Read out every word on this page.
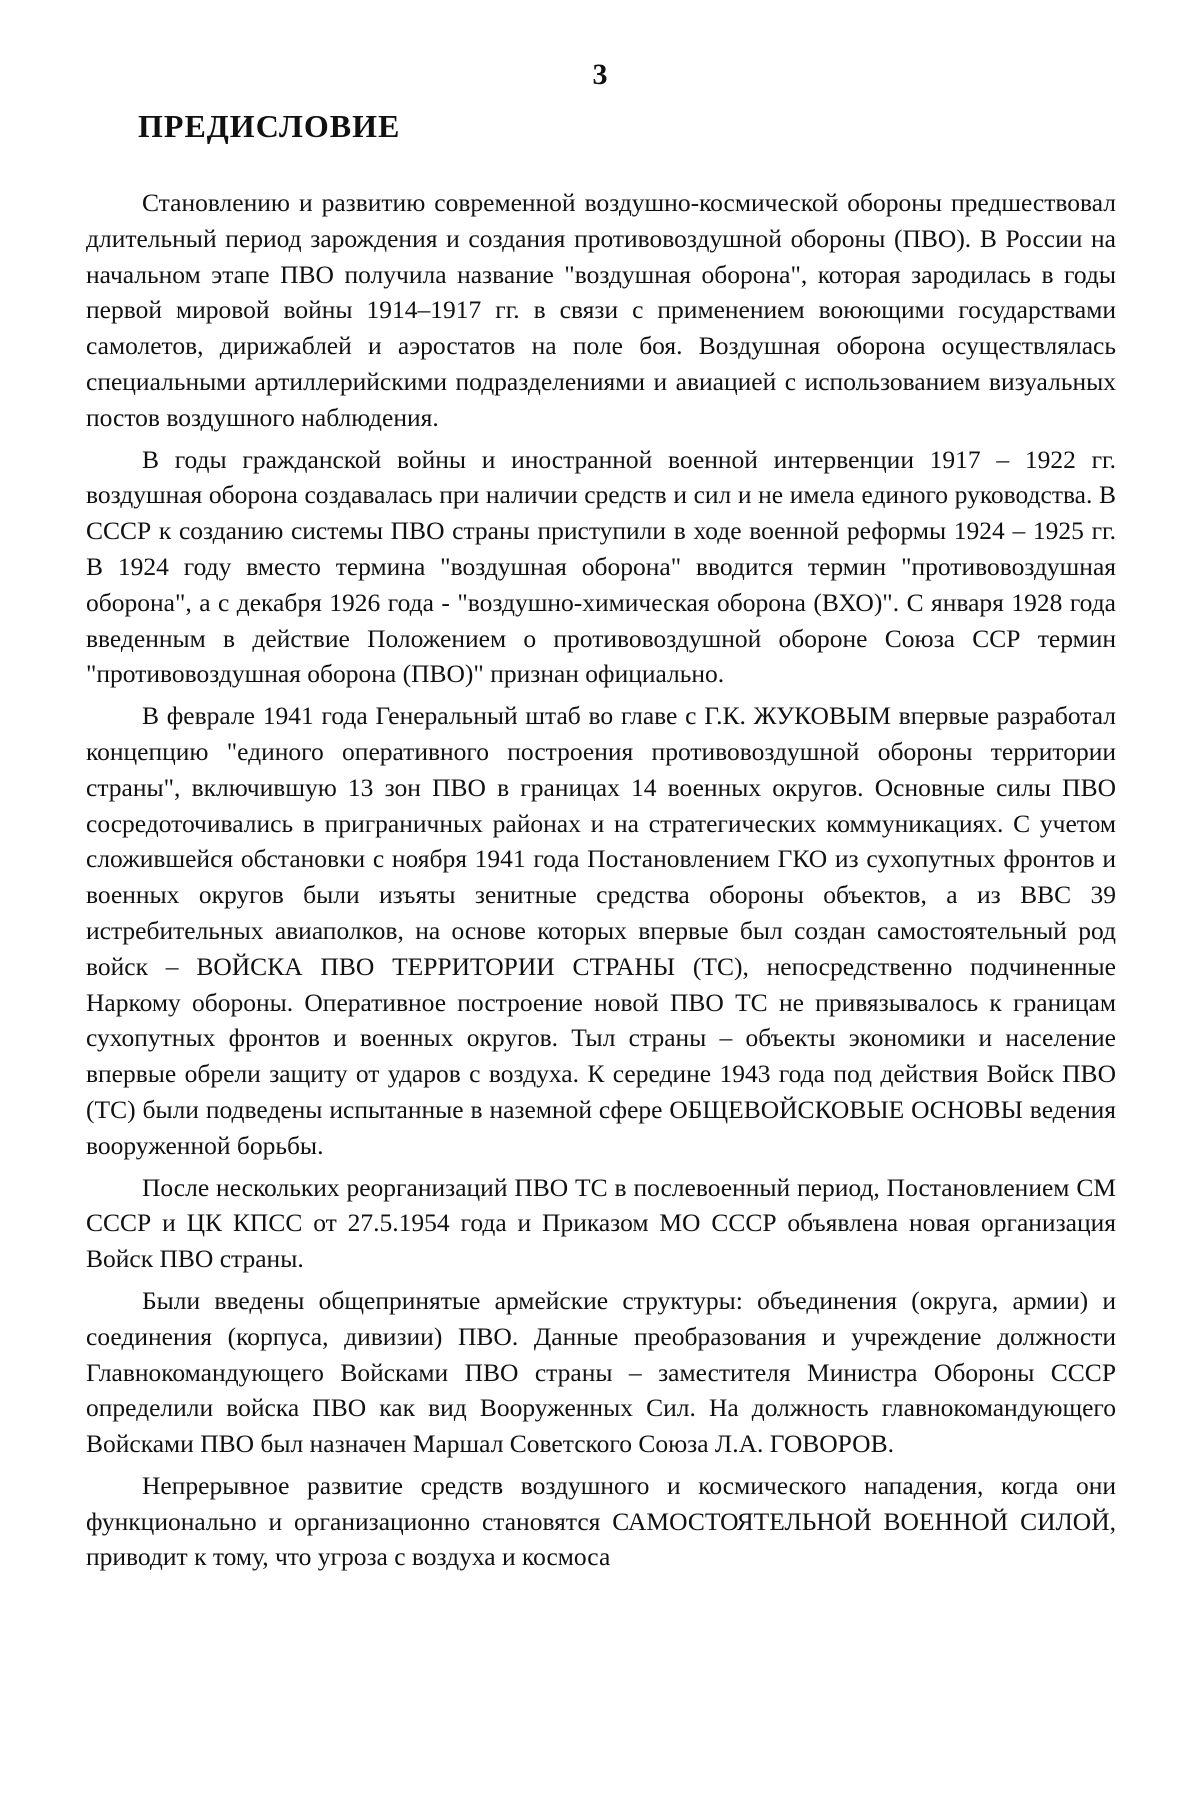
3
ПРЕДИСЛОВИЕ

Становлению и развитию современной воздушно-космической обороны предшествовал длительный период зарождения и создания противовоздушной обороны (ПВО). В России на начальном этапе ПВО получила название "воздушная оборона", которая зародилась в годы первой мировой войны 1914–1917 гг. в связи с применением воюющими государствами самолетов, дирижаблей и аэростатов на поле боя. Воздушная оборона осуществлялась специальными артиллерийскими подразделениями и авиацией с использованием визуальных постов воздушного наблюдения.

В годы гражданской войны и иностранной военной интервенции 1917 – 1922 гг. воздушная оборона создавалась при наличии средств и сил и не имела единого руководства. В СССР к созданию системы ПВО страны приступили в ходе военной реформы 1924 – 1925 гг. В 1924 году вместо термина "воздушная оборона" вводится термин "противовоздушная оборона", а с декабря 1926 года - "воздушно-химическая оборона (ВХО)". С января 1928 года введенным в действие Положением о противовоздушной обороне Союза ССР термин "противовоздушная оборона (ПВО)" признан официально.

В феврале 1941 года Генеральный штаб во главе с Г.К. ЖУКОВЫМ впервые разработал концепцию "единого оперативного построения противовоздушной обороны территории страны", включившую 13 зон ПВО в границах 14 военных округов. Основные силы ПВО сосредоточивались в приграничных районах и на стратегических коммуникациях. С учетом сложившейся обстановки с ноября 1941 года Постановлением ГКО из сухопутных фронтов и военных округов были изъяты зенитные средства обороны объектов, а из ВВС 39 истребительных авиаполков, на основе которых впервые был создан самостоятельный род войск – ВОЙСКА ПВО ТЕРРИТОРИИ СТРАНЫ (ТС), непосредственно подчиненные Наркому обороны. Оперативное построение новой ПВО ТС не привязывалось к границам сухопутных фронтов и военных округов. Тыл страны – объекты экономики и население впервые обрели защиту от ударов с воздуха. К середине 1943 года под действия Войск ПВО (ТС) были подведены испытанные в наземной сфере ОБЩЕВОЙСКОВЫЕ ОСНОВЫ ведения вооруженной борьбы.

После нескольких реорганизаций ПВО ТС в послевоенный период, Постановлением СМ СССР и ЦК КПСС от 27.5.1954 года и Приказом МО СССР объявлена новая организация Войск ПВО страны.

Были введены общепринятые армейские структуры: объединения (округа, армии) и соединения (корпуса, дивизии) ПВО. Данные преобразования и учреждение должности Главнокомандующего Войсками ПВО страны – заместителя Министра Обороны СССР определили войска ПВО как вид Вооруженных Сил. На должность главнокомандующего Войсками ПВО был назначен Маршал Советского Союза Л.А. ГОВОРОВ.

Непрерывное развитие средств воздушного и космического нападения, когда они функционально и организационно становятся САМОСТОЯТЕЛЬНОЙ ВОЕННОЙ СИЛОЙ, приводит к тому, что угроза с воздуха и космоса
